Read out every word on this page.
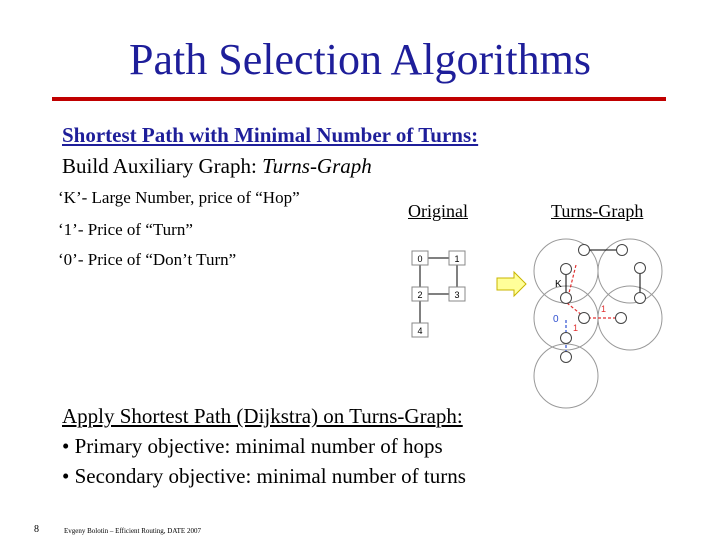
Path Selection Algorithms
Shortest Path with Minimal Number of Turns:
Build Auxiliary Graph: Turns-Graph
‘K’- Large Number, price of “Hop”
‘1’- Price of “Turn”
‘0’- Price of “Don’t Turn”
Original	Turns-Graph
0	1
2	3
4
K
0
1
1
Apply Shortest Path (Dijkstra) on Turns-Graph:
• Primary objective: minimal number of hops
• Secondary objective: minimal number of turns
8	Evgeny Bolotin – Efficient Routing, DATE 2007
